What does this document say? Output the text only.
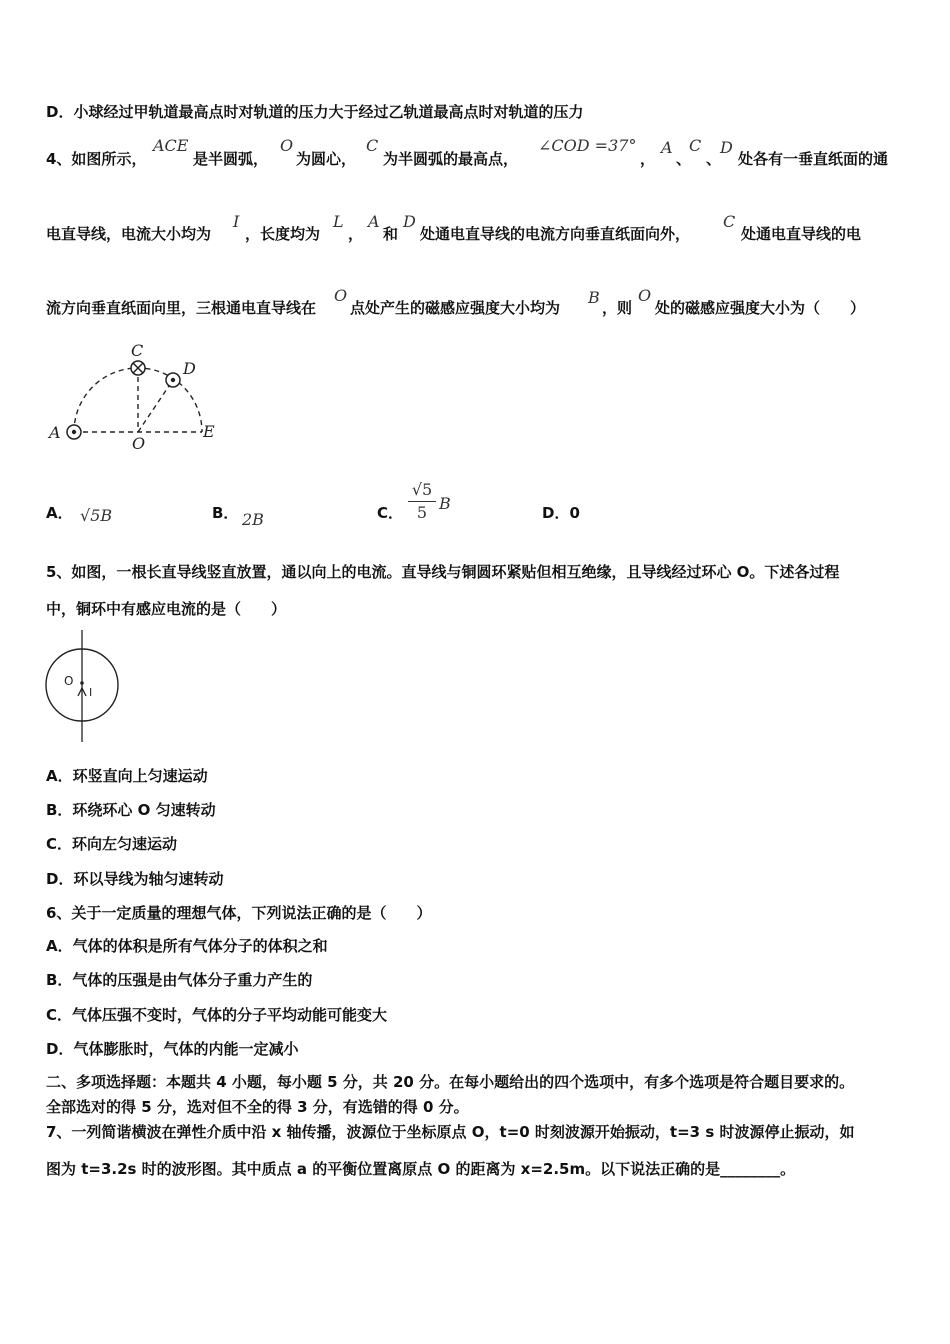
D．小球经过甲轨道最高点时对轨道的压力大于经过乙轨道最高点时对轨道的压力
4、如图所示，
ACE
是半圆弧，
O
为圆心，
C
为半圆弧的最高点，
∠COD =37°
，
A
、
C
、
D
处各有一垂直纸面的通
电直导线，电流大小均为
I
，长度均为
L
，
A
和
D
处通电直导线的电流方向垂直纸面向外，
C
处通电直导线的电
流方向垂直纸面向里，三根通电直导线在
O
点处产生的磁感应强度大小均为
B
，则
O
处的磁感应强度大小为（　　）
C
D
A
O
E
A． √5B	B． 2B	C．
√5
5 B	D．0
5、如图，一根长直导线竖直放置，通以向上的电流。直导线与铜圆环紧贴但相互绝缘，且导线经过环心 O。下述各过程
中，铜环中有感应电流的是（　　）
O
I
A．环竖直向上匀速运动
B．环绕环心 O 匀速转动
C．环向左匀速运动
D．环以导线为轴匀速转动
6、关于一定质量的理想气体，下列说法正确的是（　　）
A．气体的体积是所有气体分子的体积之和
B．气体的压强是由气体分子重力产生的
C．气体压强不变时，气体的分子平均动能可能变大
D．气体膨胀时，气体的内能一定减小
二、多项选择题：本题共 4 小题，每小题 5 分，共 20 分。在每小题给出的四个选项中，有多个选项是符合题目要求的。
全部选对的得 5 分，选对但不全的得 3 分，有选错的得 0 分。
7、一列简谐横波在弹性介质中沿 x 轴传播，波源位于坐标原点 O，t=0 时刻波源开始振动，t=3 s 时波源停止振动，如
图为 t=3.2s 时的波形图。其中质点 a 的平衡位置离原点 O 的距离为 x=2.5m。以下说法正确的是________。
